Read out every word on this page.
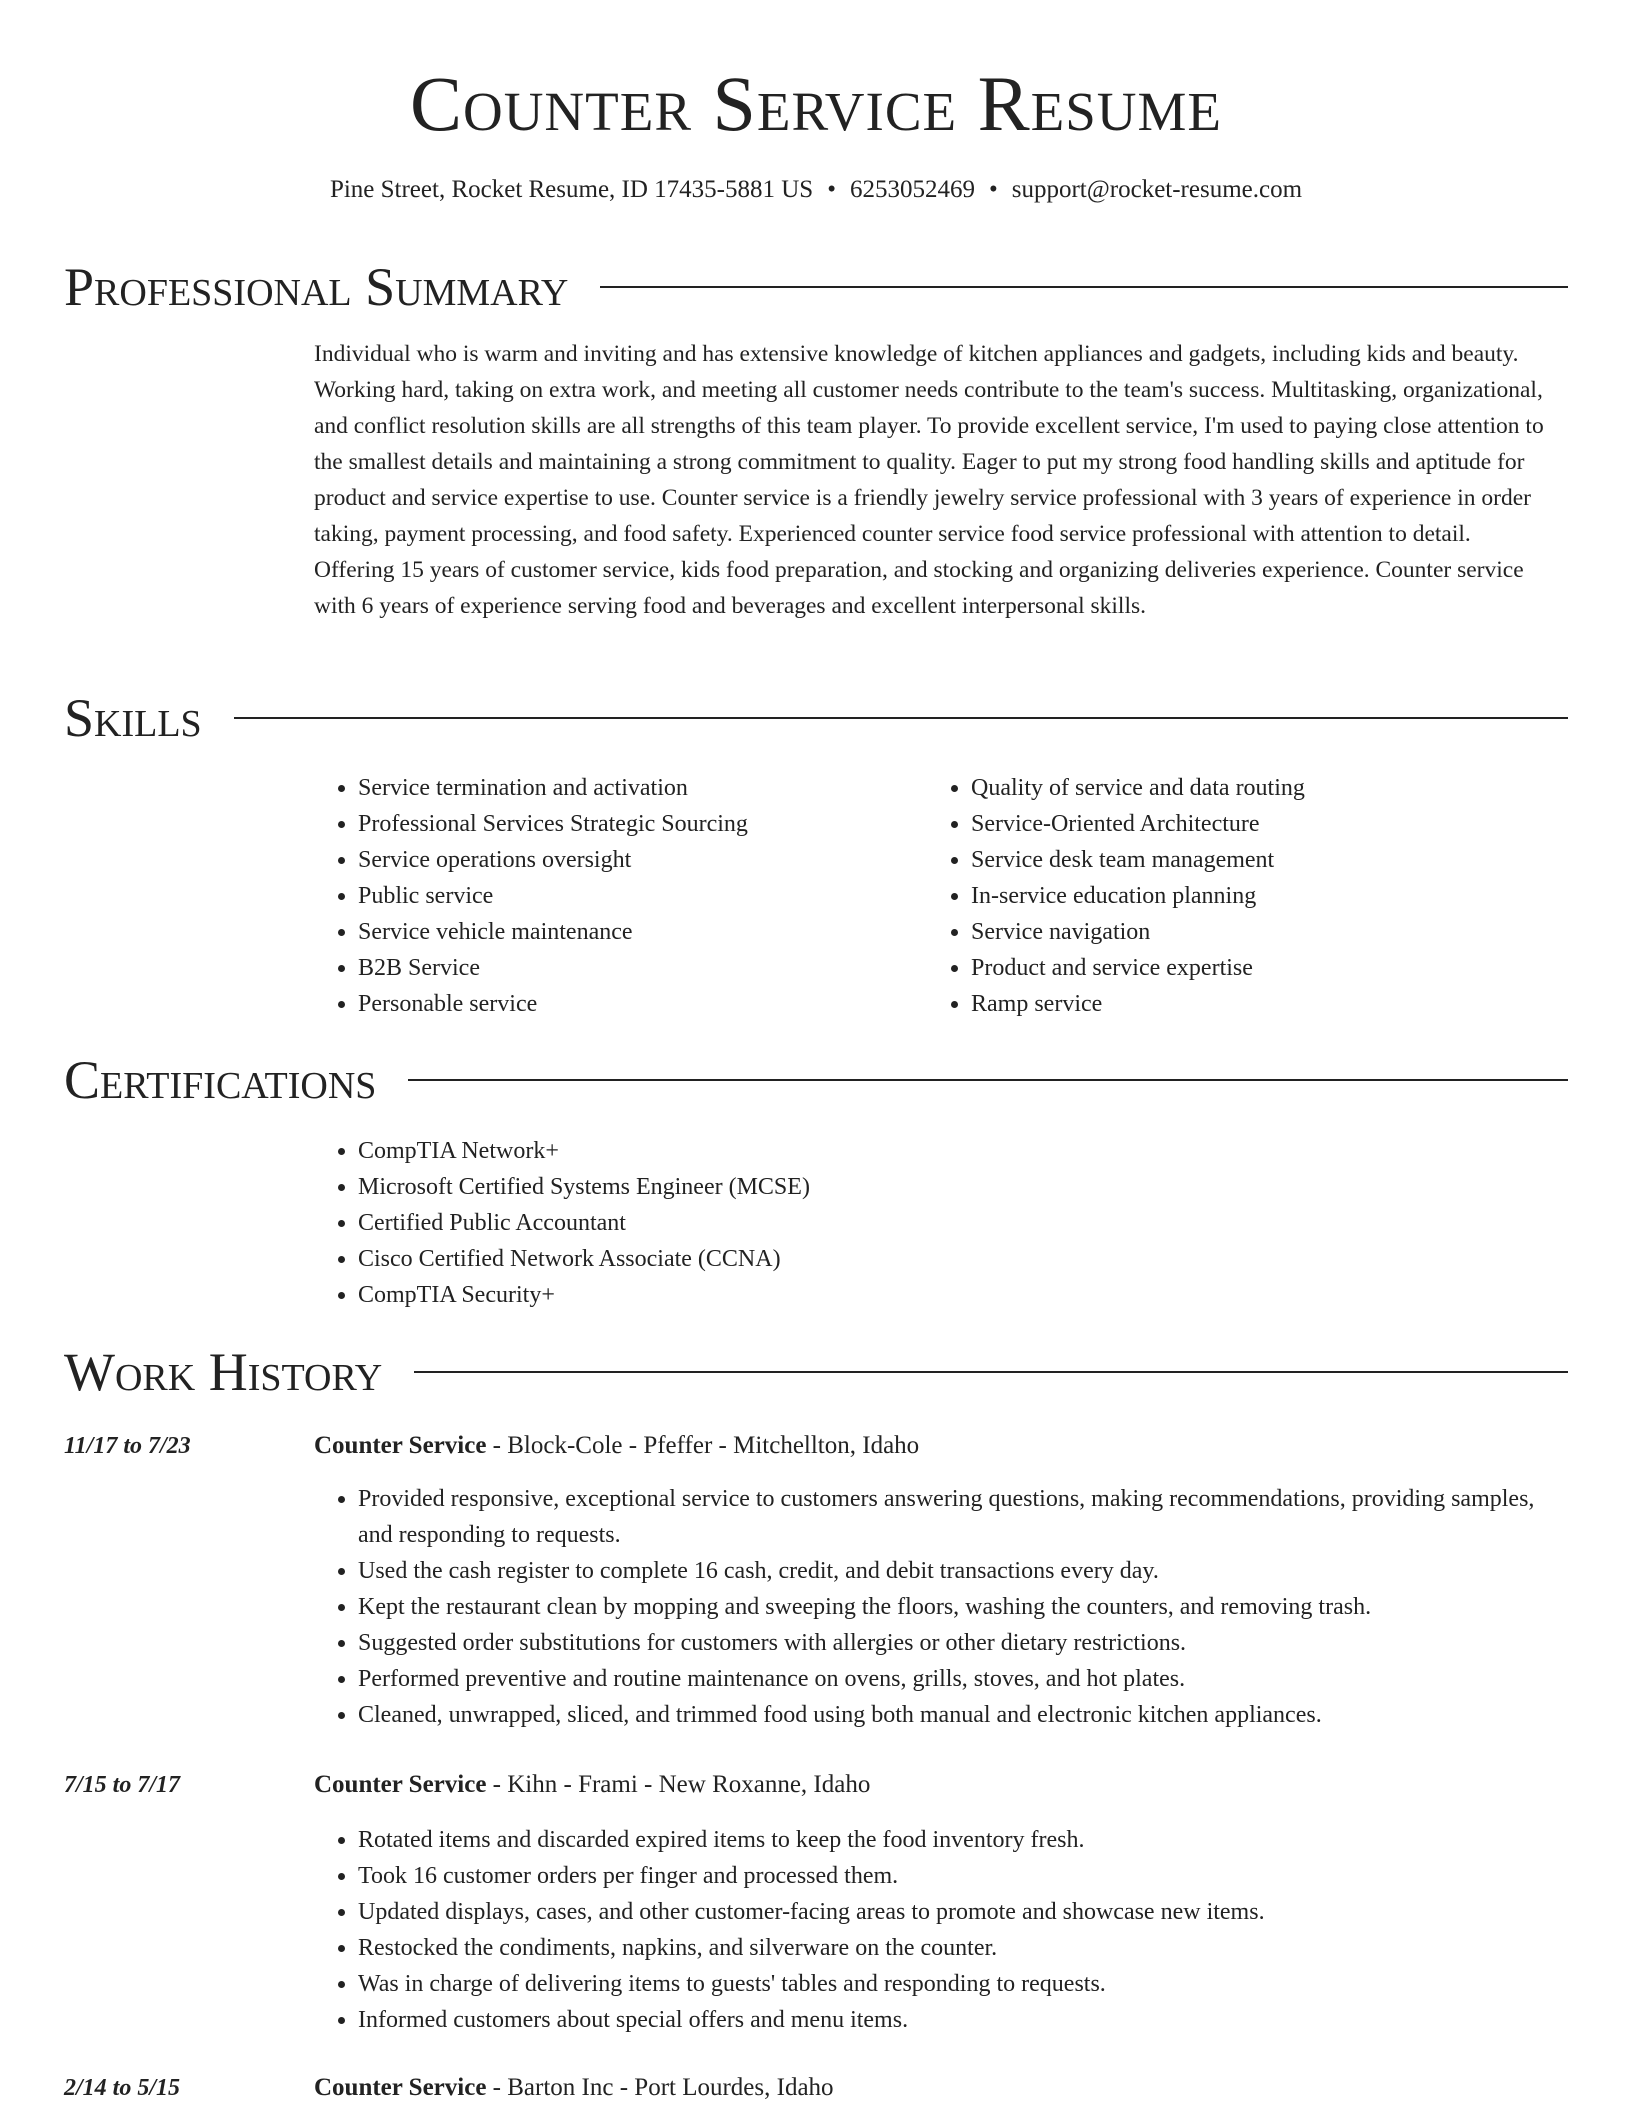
Counter Service Resume
Pine Street, Rocket Resume, ID 17435-5881 US • 6253052469 • support@rocket-resume.com
Professional Summary
Individual who is warm and inviting and has extensive knowledge of kitchen appliances and gadgets, including kids and beauty. Working hard, taking on extra work, and meeting all customer needs contribute to the team's success. Multitasking, organizational, and conflict resolution skills are all strengths of this team player. To provide excellent service, I'm used to paying close attention to the smallest details and maintaining a strong commitment to quality. Eager to put my strong food handling skills and aptitude for product and service expertise to use. Counter service is a friendly jewelry service professional with 3 years of experience in order taking, payment processing, and food safety. Experienced counter service food service professional with attention to detail. Offering 15 years of customer service, kids food preparation, and stocking and organizing deliveries experience. Counter service with 6 years of experience serving food and beverages and excellent interpersonal skills.
Skills
• Service termination and activation
• Professional Services Strategic Sourcing
• Service operations oversight
• Public service
• Service vehicle maintenance
• B2B Service
• Personable service
• Quality of service and data routing
• Service-Oriented Architecture
• Service desk team management
• In-service education planning
• Service navigation
• Product and service expertise
• Ramp service
Certifications
• CompTIA Network+
• Microsoft Certified Systems Engineer (MCSE)
• Certified Public Accountant
• Cisco Certified Network Associate (CCNA)
• CompTIA Security+
Work History
11/17 to 7/23	Counter Service - Block-Cole - Pfeffer - Mitchellton, Idaho
• Provided responsive, exceptional service to customers answering questions, making recommendations, providing samples, and responding to requests.
• Used the cash register to complete 16 cash, credit, and debit transactions every day.
• Kept the restaurant clean by mopping and sweeping the floors, washing the counters, and removing trash.
• Suggested order substitutions for customers with allergies or other dietary restrictions.
• Performed preventive and routine maintenance on ovens, grills, stoves, and hot plates.
• Cleaned, unwrapped, sliced, and trimmed food using both manual and electronic kitchen appliances.
7/15 to 7/17	Counter Service - Kihn - Frami - New Roxanne, Idaho
• Rotated items and discarded expired items to keep the food inventory fresh.
• Took 16 customer orders per finger and processed them.
• Updated displays, cases, and other customer-facing areas to promote and showcase new items.
• Restocked the condiments, napkins, and silverware on the counter.
• Was in charge of delivering items to guests' tables and responding to requests.
• Informed customers about special offers and menu items.
2/14 to 5/15	Counter Service - Barton Inc - Port Lourdes, Idaho
